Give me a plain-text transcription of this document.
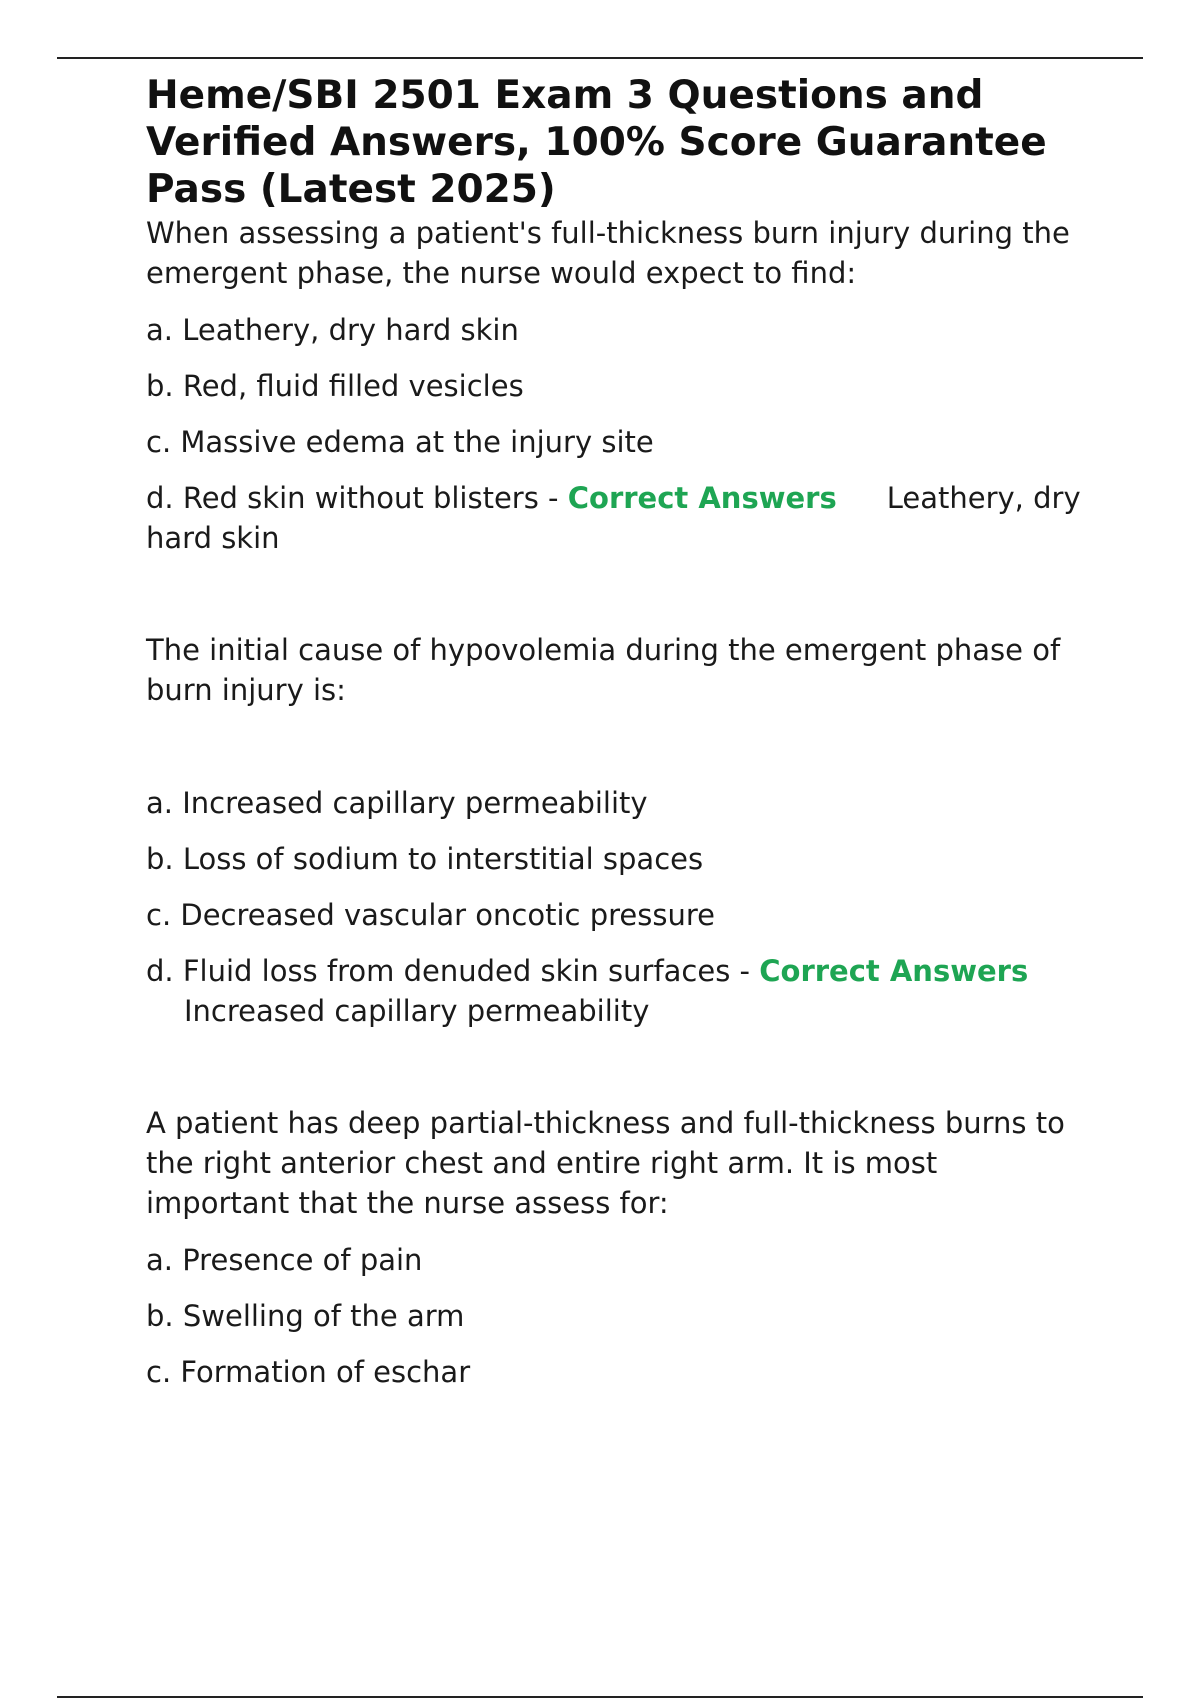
Heme/SBI 2501 Exam 3 Questions and Verified Answers, 100% Score Guarantee Pass (Latest 2025)

When assessing a patient's full-thickness burn injury during the emergent phase, the nurse would expect to find:

a. Leathery, dry hard skin

b. Red, fluid filled vesicles

c. Massive edema at the injury site

d. Red skin without blisters - Correct Answers Leathery, dry hard skin

The initial cause of hypovolemia during the emergent phase of burn injury is:

a. Increased capillary permeability

b. Loss of sodium to interstitial spaces

c. Decreased vascular oncotic pressure

d. Fluid loss from denuded skin surfaces - Correct Answers

Increased capillary permeability

A patient has deep partial-thickness and full-thickness burns to the right anterior chest and entire right arm. It is most important that the nurse assess for:

a. Presence of pain

b. Swelling of the arm

c. Formation of eschar
